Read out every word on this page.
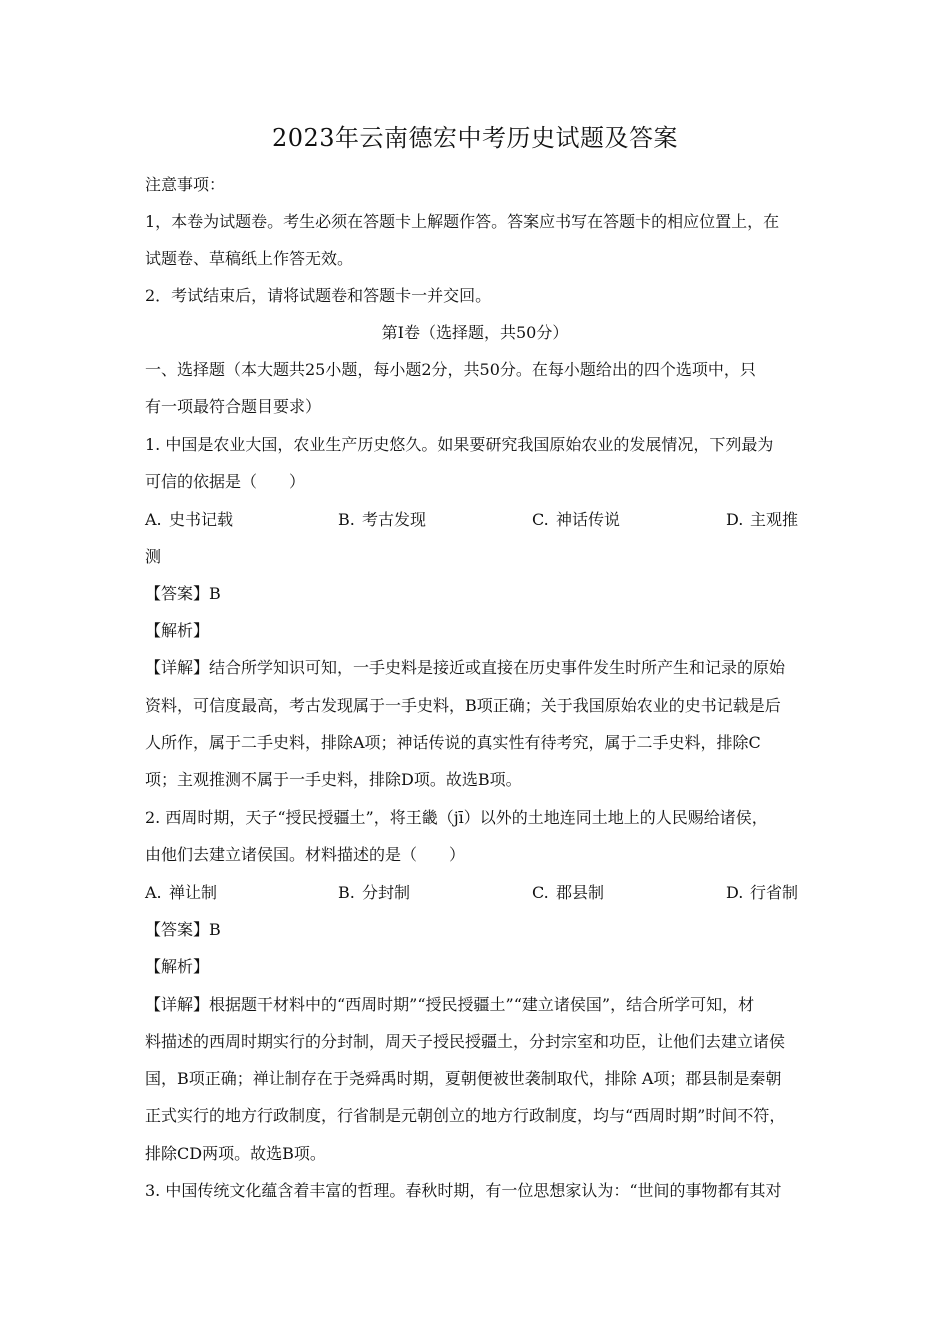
2023年云南德宏中考历史试题及答案
注意事项：
1，本卷为试题卷。考生必须在答题卡上解题作答。答案应书写在答题卡的相应位置上，在
试题卷、草稿纸上作答无效。
2．考试结束后，请将试题卷和答题卡一并交回。
第Ⅰ卷（选择题，共50分）
一、选择题（本大题共25小题，每小题2分，共50分。在每小题给出的四个选项中，只
有一项最符合题目要求）
1. 中国是农业大国，农业生产历史悠久。如果要研究我国原始农业的发展情况，下列最为
可信的依据是（　　）
A. 史书记载	B. 考古发现	C. 神话传说	D. 主观推
测
【答案】B
【解析】
【详解】结合所学知识可知，一手史料是接近或直接在历史事件发生时所产生和记录的原始
资料，可信度最高，考古发现属于一手史料，B项正确；关于我国原始农业的史书记载是后
人所作，属于二手史料，排除A项；神话传说的真实性有待考究，属于二手史料，排除C
项；主观推测不属于一手史料，排除D项。故选B项。
2. 西周时期，天子“授民授疆土”，将王畿（jī）以外的土地连同土地上的人民赐给诸侯，
由他们去建立诸侯国。材料描述的是（　　）
A. 禅让制	B. 分封制	C. 郡县制	D. 行省制
【答案】B
【解析】
【详解】根据题干材料中的“西周时期”“授民授疆土”“建立诸侯国”，结合所学可知，材
料描述的西周时期实行的分封制，周天子授民授疆土，分封宗室和功臣，让他们去建立诸侯
国，B项正确；禅让制存在于尧舜禹时期，夏朝便被世袭制取代，排除 A项；郡县制是秦朝
正式实行的地方行政制度，行省制是元朝创立的地方行政制度，均与“西周时期”时间不符，
排除CD两项。故选B项。
3. 中国传统文化蕴含着丰富的哲理。春秋时期，有一位思想家认为：“世间的事物都有其对
